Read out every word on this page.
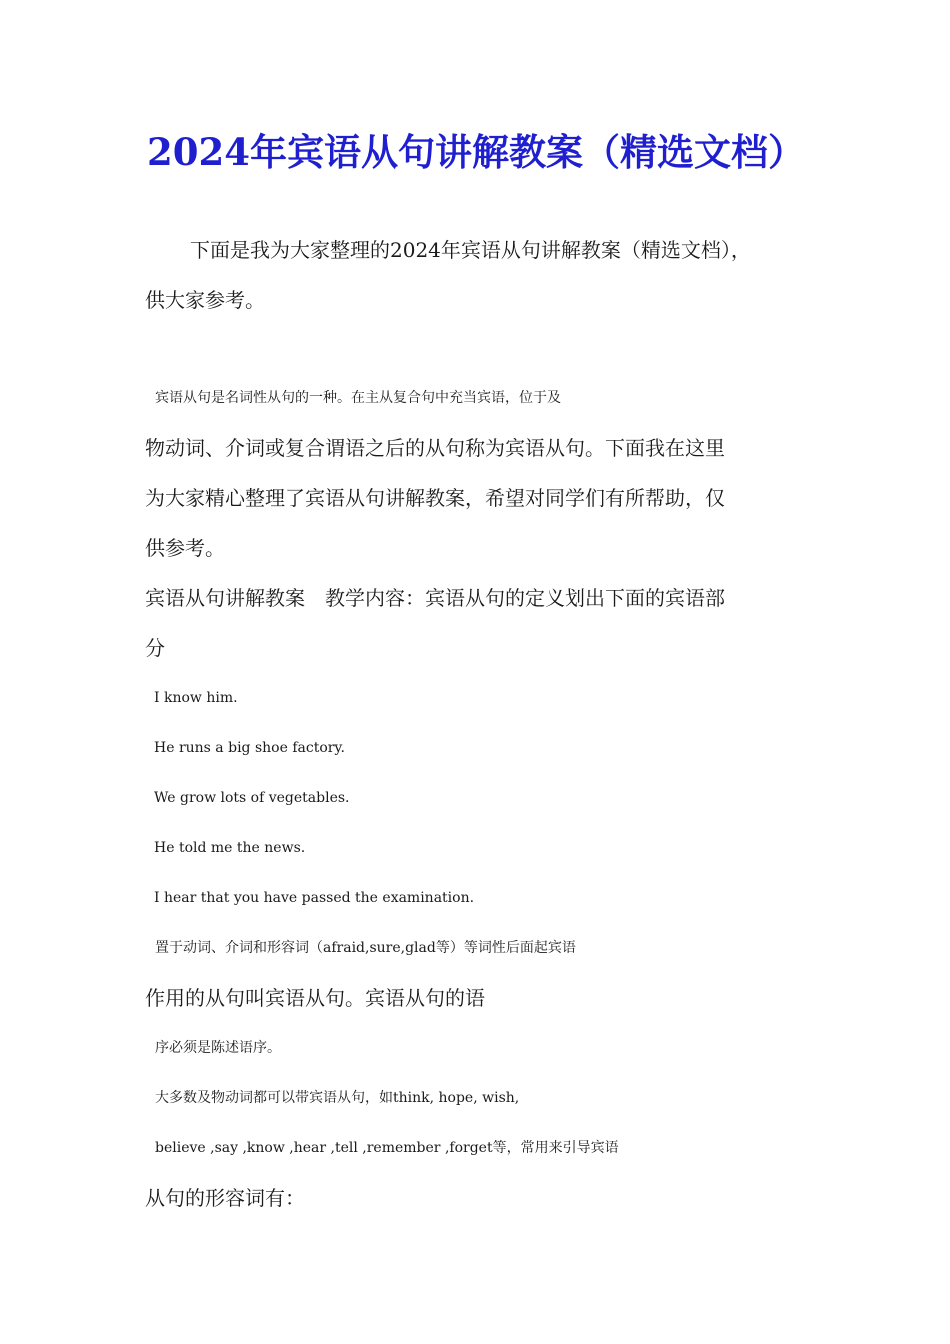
2024年宾语从句讲解教案（精选文档）

下面是我为大家整理的2024年宾语从句讲解教案（精选文档），

供大家参考。

宾语从句是名词性从句的一种。在主从复合句中充当宾语，位于及

物动词、介词或复合谓语之后的从句称为宾语从句。下面我在这里

为大家精心整理了宾语从句讲解教案，希望对同学们有所帮助，仅

供参考。

宾语从句讲解教案　教学内容：宾语从句的定义划出下面的宾语部

分

I know him.

He runs a big shoe factory.

We grow lots of vegetables.

He told me the news.

I hear that you have passed the examination.

置于动词、介词和形容词（afraid,sure,glad等）等词性后面起宾语

作用的从句叫宾语从句。宾语从句的语

序必须是陈述语序。

大多数及物动词都可以带宾语从句，如think, hope, wish,

believe ,say ,know ,hear ,tell ,remember ,forget等，常用来引导宾语

从句的形容词有：
